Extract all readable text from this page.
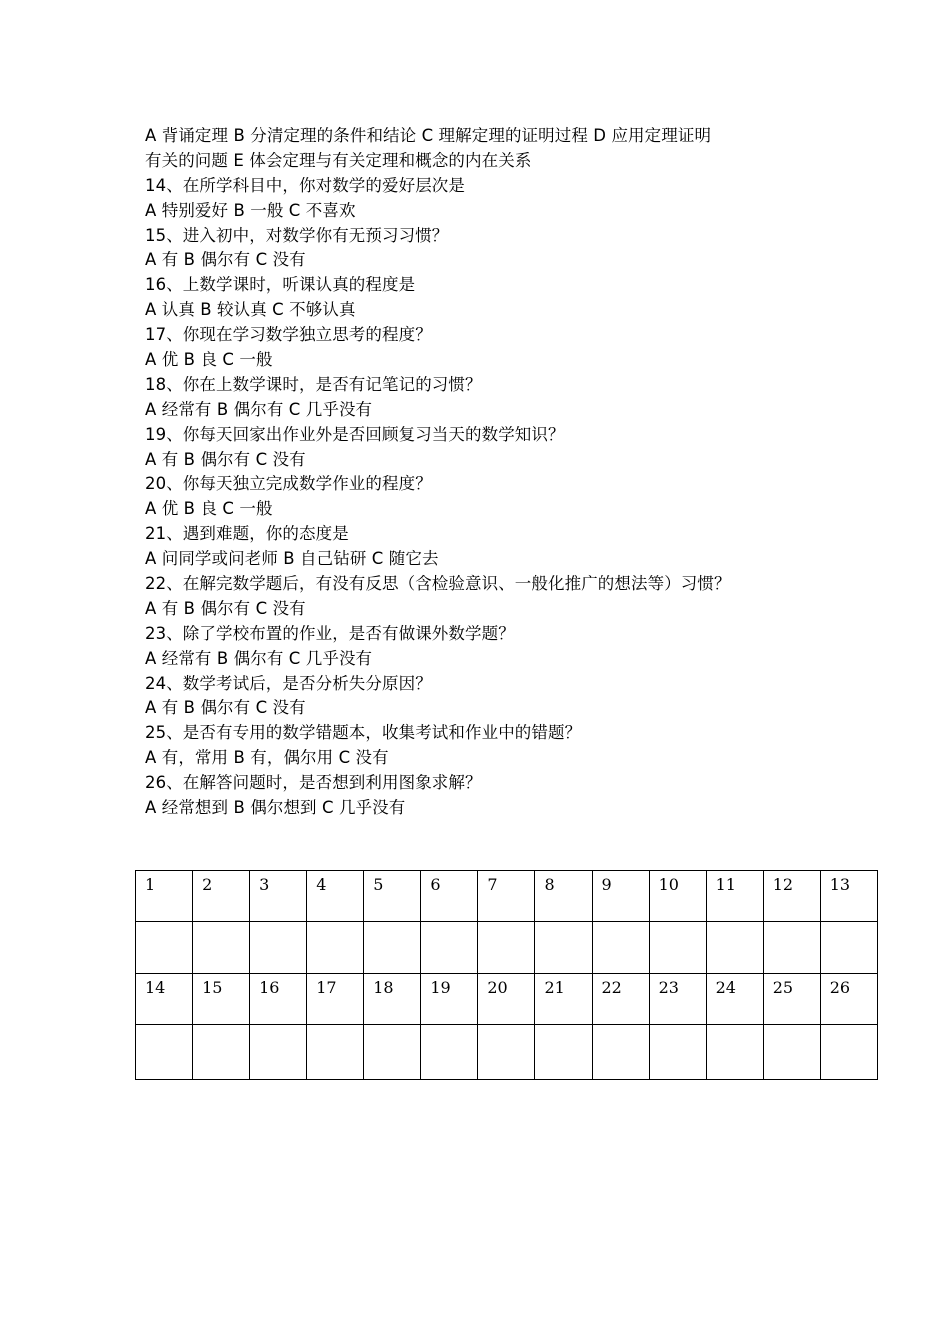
A 背诵定理 B 分清定理的条件和结论 C 理解定理的证明过程 D 应用定理证明
有关的问题 E 体会定理与有关定理和概念的内在关系
14、在所学科目中，你对数学的爱好层次是
A 特别爱好 B 一般 C 不喜欢
15、进入初中，对数学你有无预习习惯？
A 有 B 偶尔有 C 没有
16、上数学课时，听课认真的程度是
A 认真 B 较认真 C 不够认真
17、你现在学习数学独立思考的程度？
A 优 B 良 C 一般
18、你在上数学课时，是否有记笔记的习惯？
A 经常有 B 偶尔有 C 几乎没有
19、你每天回家出作业外是否回顾复习当天的数学知识？
A 有 B 偶尔有 C 没有
20、你每天独立完成数学作业的程度？
A 优 B 良 C 一般
21、遇到难题，你的态度是
A 问同学或问老师 B 自己钻研 C 随它去
22、在解完数学题后，有没有反思（含检验意识、一般化推广的想法等）习惯？
A 有 B 偶尔有 C 没有
23、除了学校布置的作业，是否有做课外数学题？
A 经常有 B 偶尔有 C 几乎没有
24、数学考试后，是否分析失分原因？
A 有 B 偶尔有 C 没有
25、是否有专用的数学错题本，收集考试和作业中的错题？
A 有，常用 B 有，偶尔用 C 没有
26、在解答问题时，是否想到利用图象求解？
A 经常想到 B 偶尔想到 C 几乎没有
1	2	3	4	5	6	7	8	9	10	11	12	13

14	15	16	17	18	19	20	21	22	23	24	25	26
